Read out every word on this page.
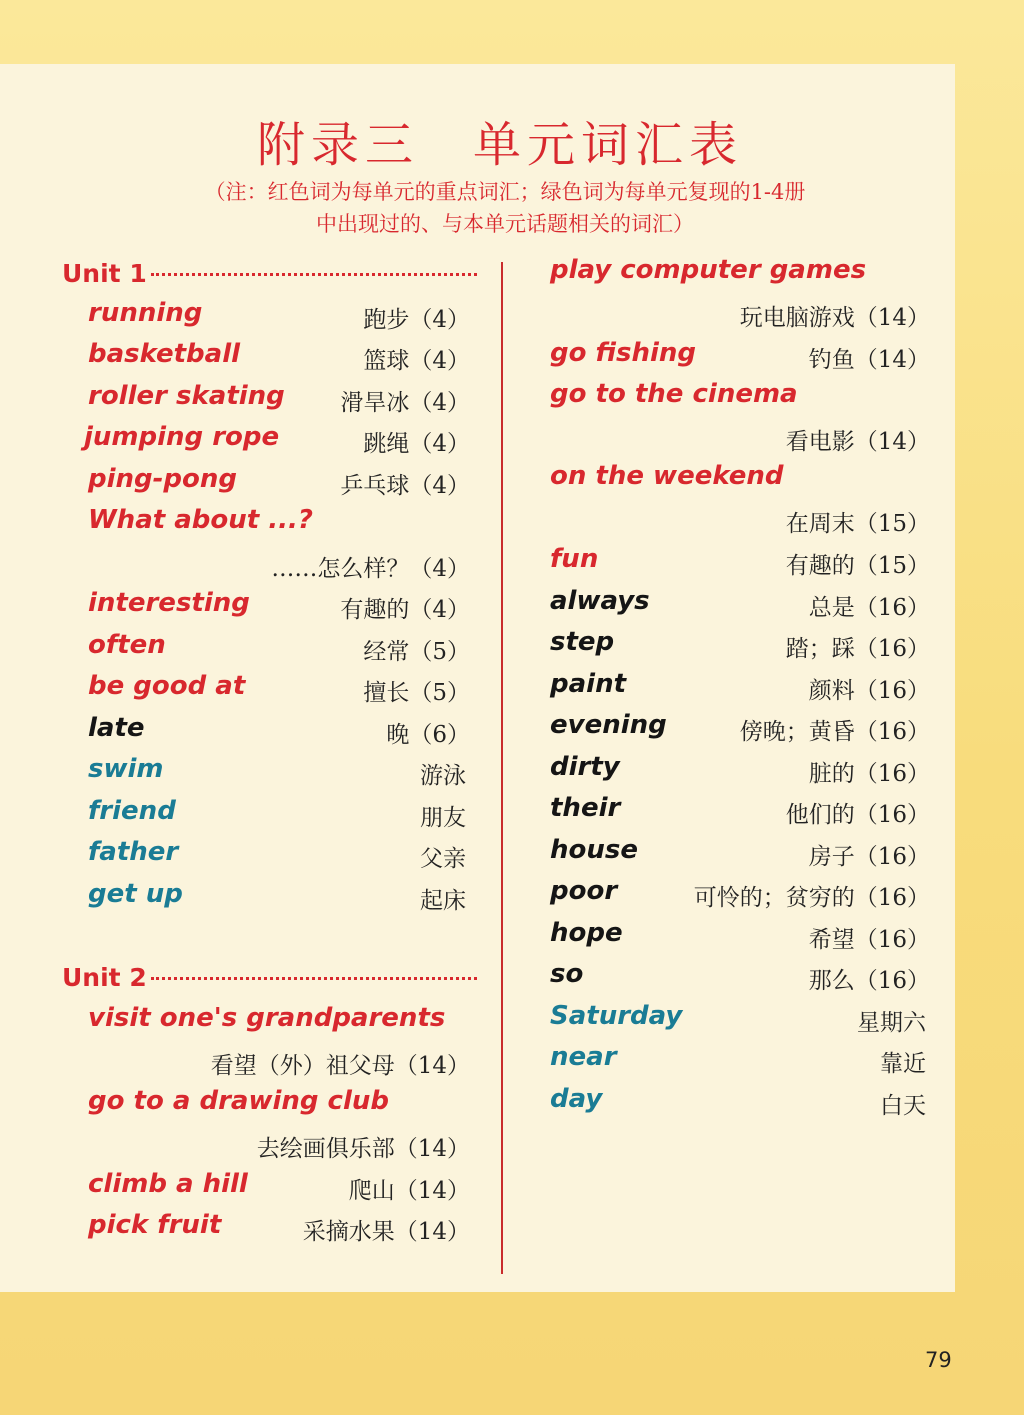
附录三　单元词汇表
（注：红色词为每单元的重点词汇；绿色词为每单元复现的1-4册
中出现过的、与本单元话题相关的词汇）
Unit 1
running	跑步（4）
basketball	篮球（4）
roller skating 滑旱冰（4）
jumping rope	跳绳（4）
ping-pong	乒乓球（4）
What about ...?
……怎么样？（4）
interesting	有趣的（4）
often	经常（5）
be good at	擅长（5）
late	晚（6）
swim	游泳
friend	朋友
father	父亲
get up	起床
Unit 2
visit one's grandparents
看望（外）祖父母（14）
go to a drawing club
去绘画俱乐部（14）
climb a hill	爬山（14）
pick fruit	采摘水果（14）
play computer games
玩电脑游戏（14）
go fishing	钓鱼（14）
go to the cinema
看电影（14）
on the weekend
在周末（15）
fun	有趣的（15）
always	总是（16）
step	踏；踩（16）
paint	颜料（16）
evening	傍晚；黄昏（16）
dirty	脏的（16）
their	他们的（16）
house	房子（16）
poor	可怜的；贫穷的（16）
hope	希望（16）
so	那么（16）
Saturday	星期六
near	靠近
day	白天
79
